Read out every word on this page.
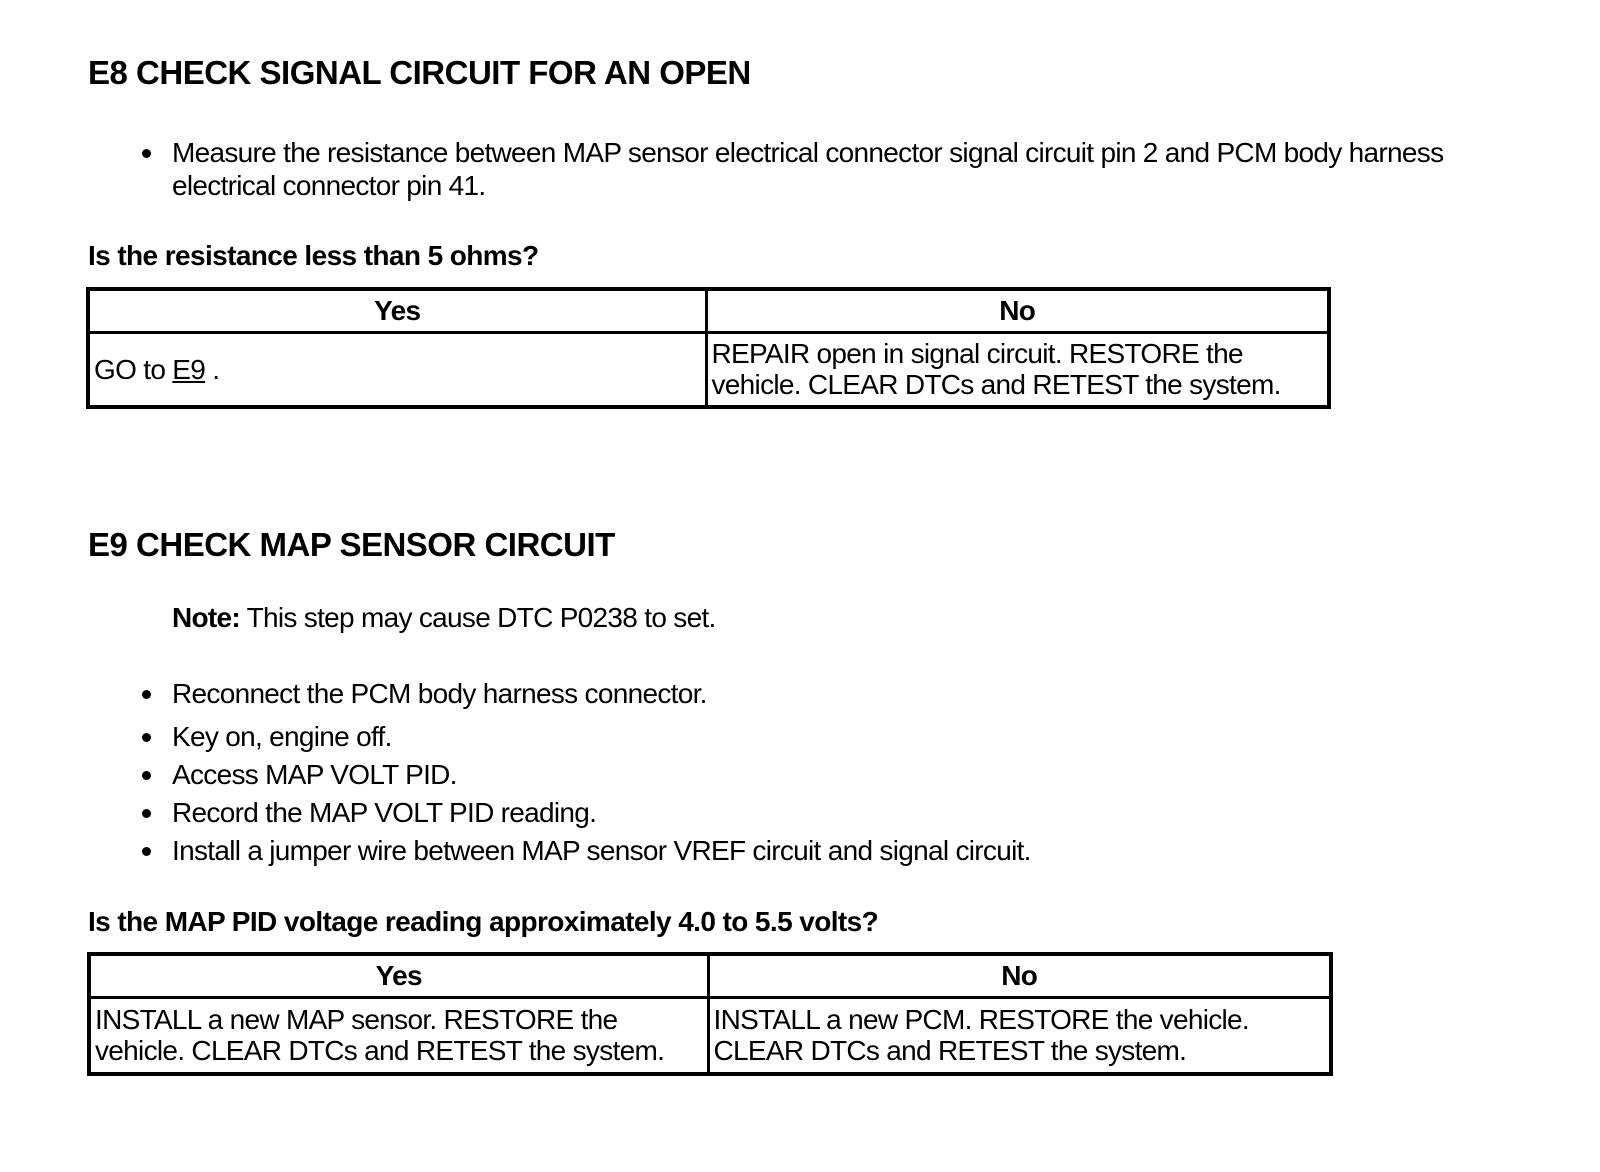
E8 CHECK SIGNAL CIRCUIT FOR AN OPEN
Measure the resistance between MAP sensor electrical connector signal circuit pin 2 and PCM body harness electrical connector pin 41.
Is the resistance less than 5 ohms?
Yes	No
GO to E9 .	REPAIR open in signal circuit. RESTORE the vehicle. CLEAR DTCs and RETEST the system.
E9 CHECK MAP SENSOR CIRCUIT
Note: This step may cause DTC P0238 to set.
Reconnect the PCM body harness connector.
Key on, engine off.
Access MAP VOLT PID.
Record the MAP VOLT PID reading.
Install a jumper wire between MAP sensor VREF circuit and signal circuit.
Is the MAP PID voltage reading approximately 4.0 to 5.5 volts?
Yes	No
INSTALL a new MAP sensor. RESTORE the vehicle. CLEAR DTCs and RETEST the system.	INSTALL a new PCM. RESTORE the vehicle. CLEAR DTCs and RETEST the system.
